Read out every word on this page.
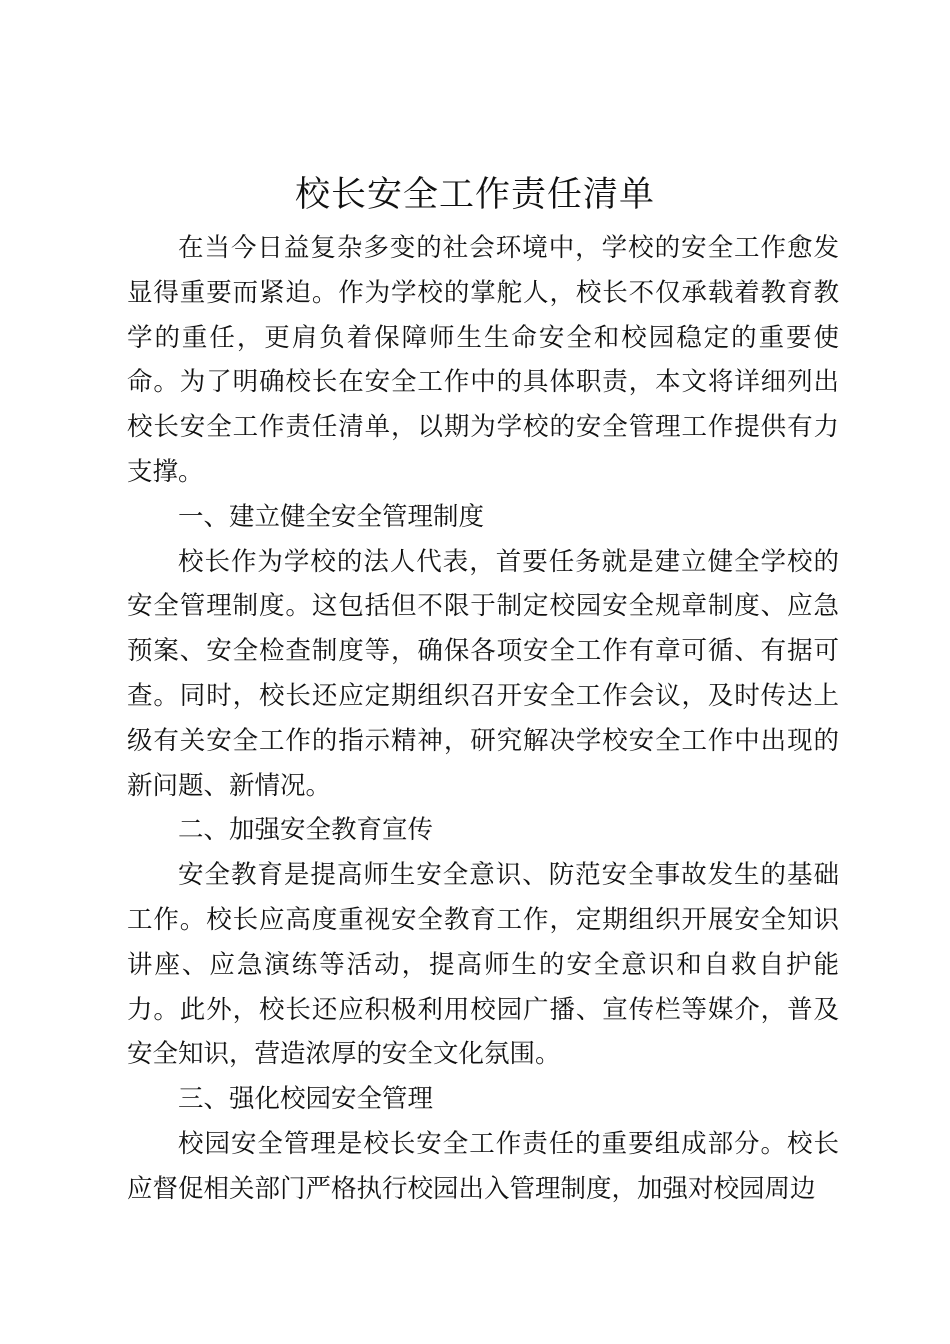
校长安全工作责任清单

在当今日益复杂多变的社会环境中，学校的安全工作愈发显得重要而紧迫。作为学校的掌舵人，校长不仅承载着教育教学的重任，更肩负着保障师生生命安全和校园稳定的重要使命。为了明确校长在安全工作中的具体职责，本文将详细列出校长安全工作责任清单，以期为学校的安全管理工作提供有力支撑。

一、建立健全安全管理制度

校长作为学校的法人代表，首要任务就是建立健全学校的安全管理制度。这包括但不限于制定校园安全规章制度、应急预案、安全检查制度等，确保各项安全工作有章可循、有据可查。同时，校长还应定期组织召开安全工作会议，及时传达上级有关安全工作的指示精神，研究解决学校安全工作中出现的新问题、新情况。

二、加强安全教育宣传

安全教育是提高师生安全意识、防范安全事故发生的基础工作。校长应高度重视安全教育工作，定期组织开展安全知识讲座、应急演练等活动，提高师生的安全意识和自救自护能力。此外，校长还应积极利用校园广播、宣传栏等媒介，普及安全知识，营造浓厚的安全文化氛围。

三、强化校园安全管理

校园安全管理是校长安全工作责任的重要组成部分。校长应督促相关部门严格执行校园出入管理制度，加强对校园周边
